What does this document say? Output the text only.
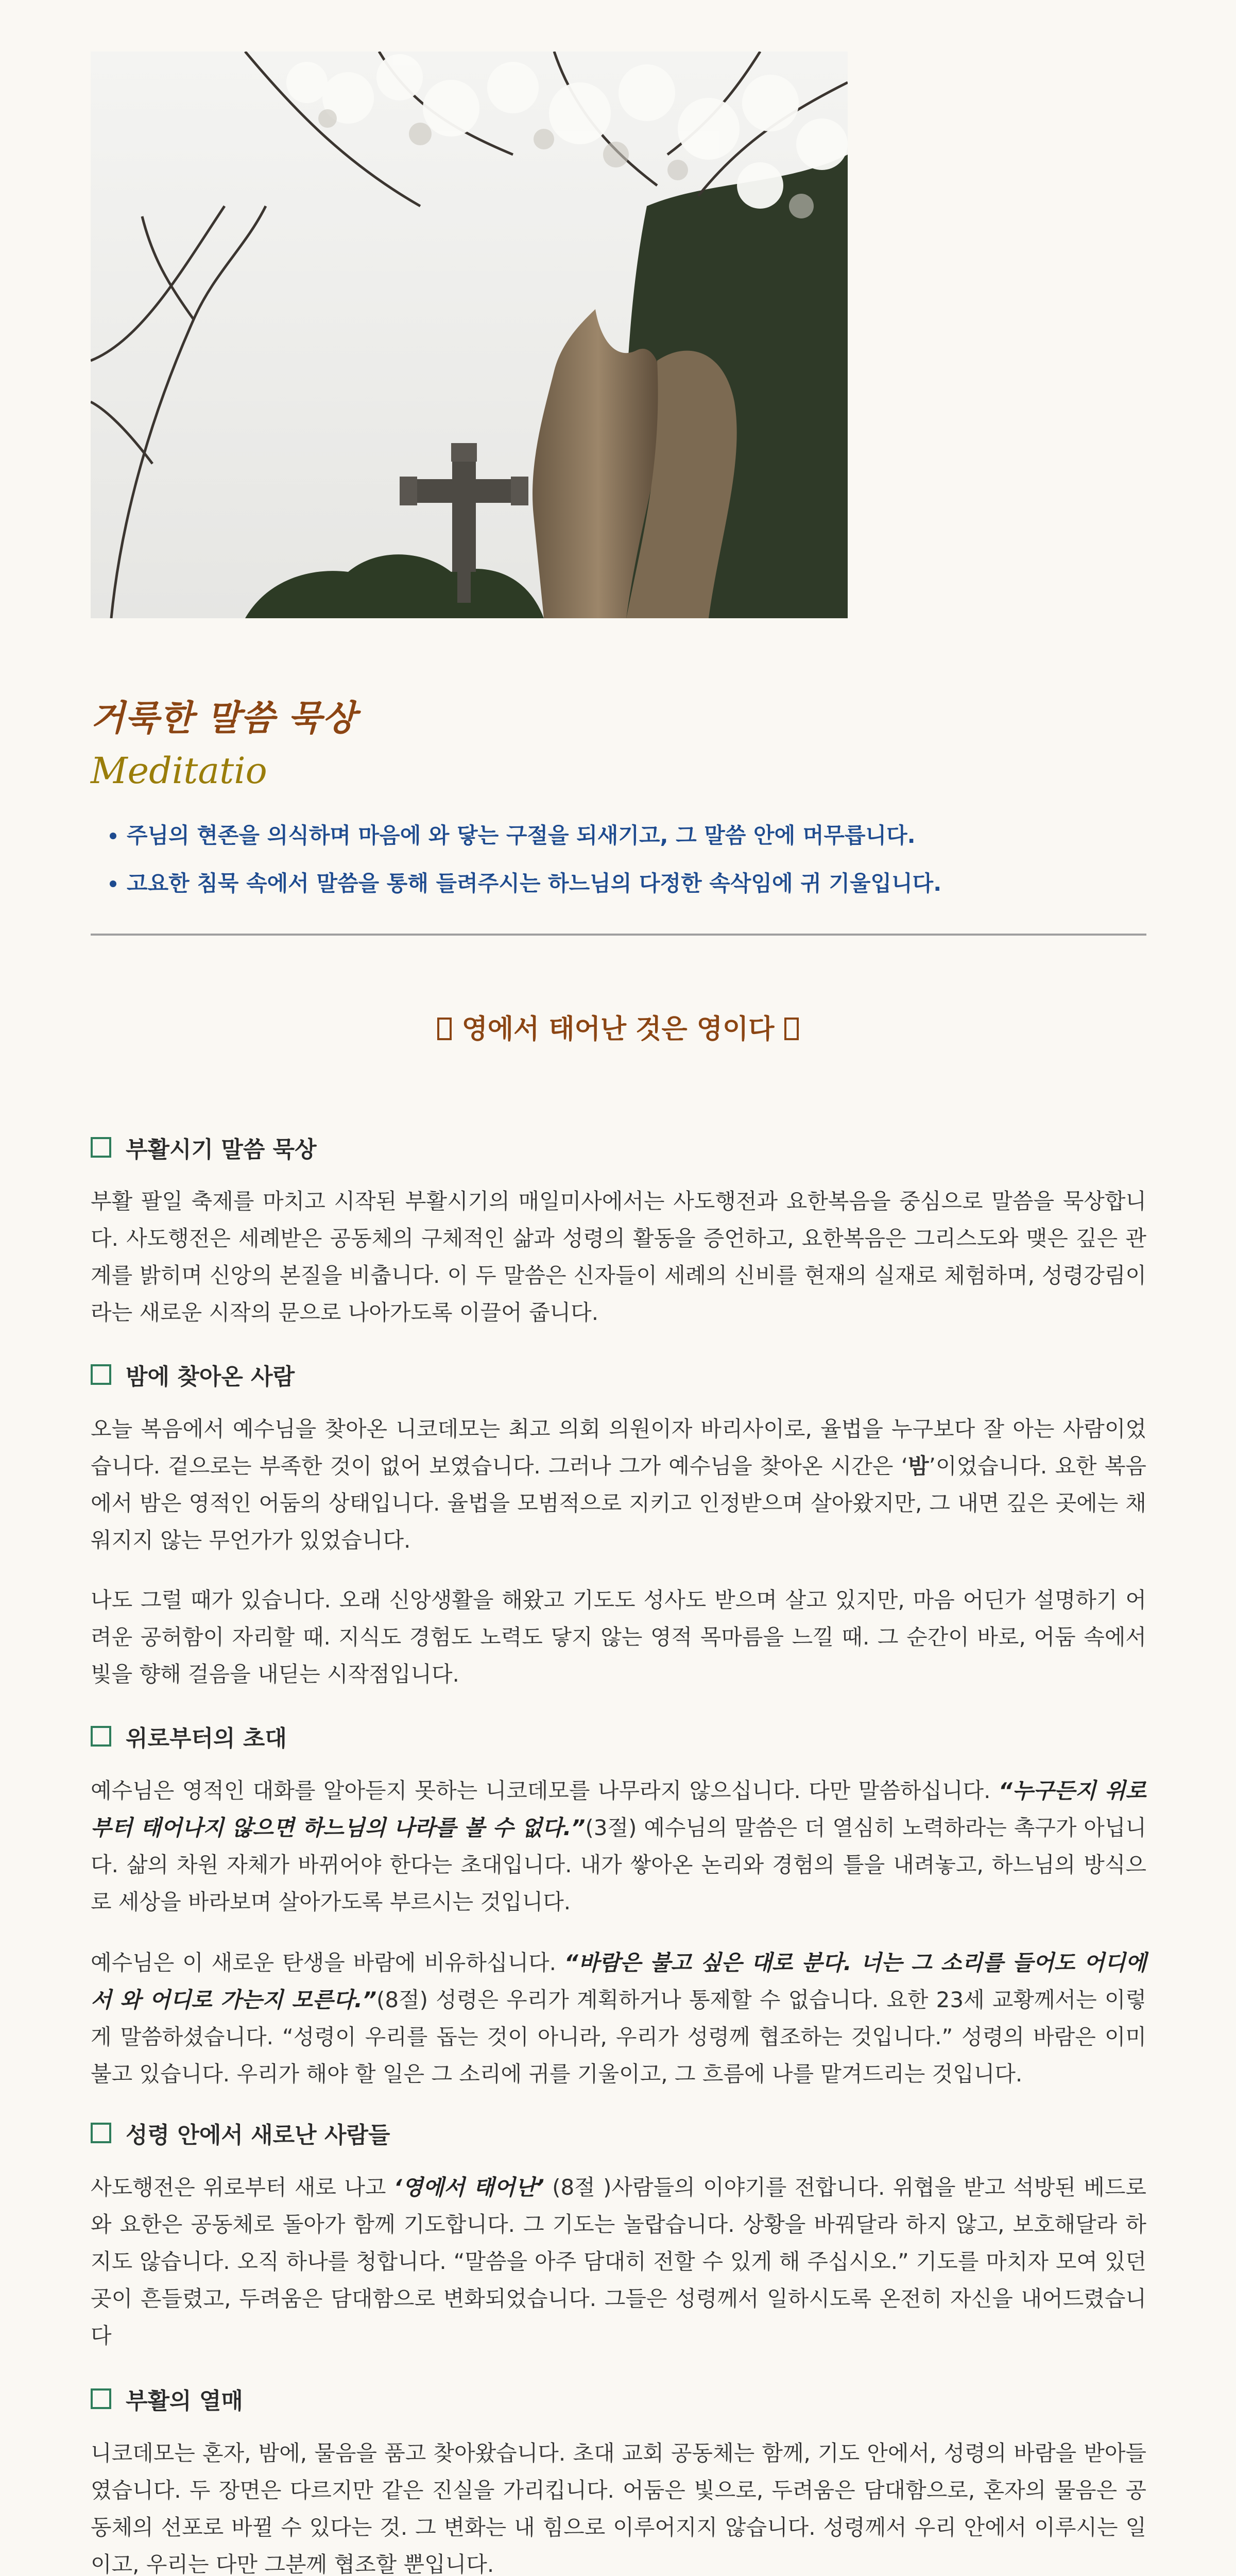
거룩한 말씀 묵상
Meditatio
• 주님의 현존을 의식하며 마음에 와 닿는 구절을 되새기고, 그 말씀 안에 머무릅니다.
• 고요한 침묵 속에서 말씀을 통해 들려주시는 하느님의 다정한 속삭임에 귀 기울입니다.
영에서 태어난 것은 영이다
부활시기 말씀 묵상

부활 팔일 축제를 마치고 시작된 부활시기의 매일미사에서는 사도행전과 요한복음을 중심으로 말씀을 묵상합니다. 사도행전은 세례받은 공동체의 구체적인 삶과 성령의 활동을 증언하고, 요한복음은 그리스도와 맺은 깊은 관계를 밝히며 신앙의 본질을 비춥니다. 이 두 말씀은 신자들이 세례의 신비를 현재의 실재로 체험하며, 성령강림이라는 새로운 시작의 문으로 나아가도록 이끌어 줍니다.

밤에 찾아온 사람

오늘 복음에서 예수님을 찾아온 니코데모는 최고 의회 의원이자 바리사이로, 율법을 누구보다 잘 아는 사람이었습니다. 겉으로는 부족한 것이 없어 보였습니다. 그러나 그가 예수님을 찾아온 시간은 ‘밤’이었습니다. 요한 복음에서 밤은 영적인 어둠의 상태입니다. 율법을 모범적으로 지키고 인정받으며 살아왔지만, 그 내면 깊은 곳에는 채워지지 않는 무언가가 있었습니다.

나도 그럴 때가 있습니다. 오래 신앙생활을 해왔고 기도도 성사도 받으며 살고 있지만, 마음 어딘가 설명하기 어려운 공허함이 자리할 때. 지식도 경험도 노력도 닿지 않는 영적 목마름을 느낄 때. 그 순간이 바로, 어둠 속에서 빛을 향해 걸음을 내딛는 시작점입니다.

위로부터의 초대

예수님은 영적인 대화를 알아듣지 못하는 니코데모를 나무라지 않으십니다. 다만 말씀하십니다. “누구든지 위로부터 태어나지 않으면 하느님의 나라를 볼 수 없다.”(3절) 예수님의 말씀은 더 열심히 노력하라는 촉구가 아닙니다. 삶의 차원 자체가 바뀌어야 한다는 초대입니다. 내가 쌓아온 논리와 경험의 틀을 내려놓고, 하느님의 방식으로 세상을 바라보며 살아가도록 부르시는 것입니다.

예수님은 이 새로운 탄생을 바람에 비유하십니다. “바람은 불고 싶은 대로 분다. 너는 그 소리를 들어도 어디에서 와 어디로 가는지 모른다.”(8절) 성령은 우리가 계획하거나 통제할 수 없습니다. 요한 23세 교황께서는 이렇게 말씀하셨습니다. “성령이 우리를 돕는 것이 아니라, 우리가 성령께 협조하는 것입니다.” 성령의 바람은 이미 불고 있습니다. 우리가 해야 할 일은 그 소리에 귀를 기울이고, 그 흐름에 나를 맡겨드리는 것입니다.

성령 안에서 새로난 사람들

사도행전은 위로부터 새로 나고 ‘영에서 태어난’ (8절 )사람들의 이야기를 전합니다. 위협을 받고 석방된 베드로와 요한은 공동체로 돌아가 함께 기도합니다. 그 기도는 놀랍습니다. 상황을 바꿔달라 하지 않고, 보호해달라 하지도 않습니다. 오직 하나를 청합니다. “말씀을 아주 담대히 전할 수 있게 해 주십시오.” 기도를 마치자 모여 있던 곳이 흔들렸고, 두려움은 담대함으로 변화되었습니다. 그들은 성령께서 일하시도록 온전히 자신을 내어드렸습니다

부활의 열매

니코데모는 혼자, 밤에, 물음을 품고 찾아왔습니다. 초대 교회 공동체는 함께, 기도 안에서, 성령의 바람을 받아들였습니다. 두 장면은 다르지만 같은 진실을 가리킵니다. 어둠은 빛으로, 두려움은 담대함으로, 혼자의 물음은 공동체의 선포로 바뀔 수 있다는 것. 그 변화는 내 힘으로 이루어지지 않습니다. 성령께서 우리 안에서 이루시는 일이고, 우리는 다만 그분께 협조할 뿐입니다.
